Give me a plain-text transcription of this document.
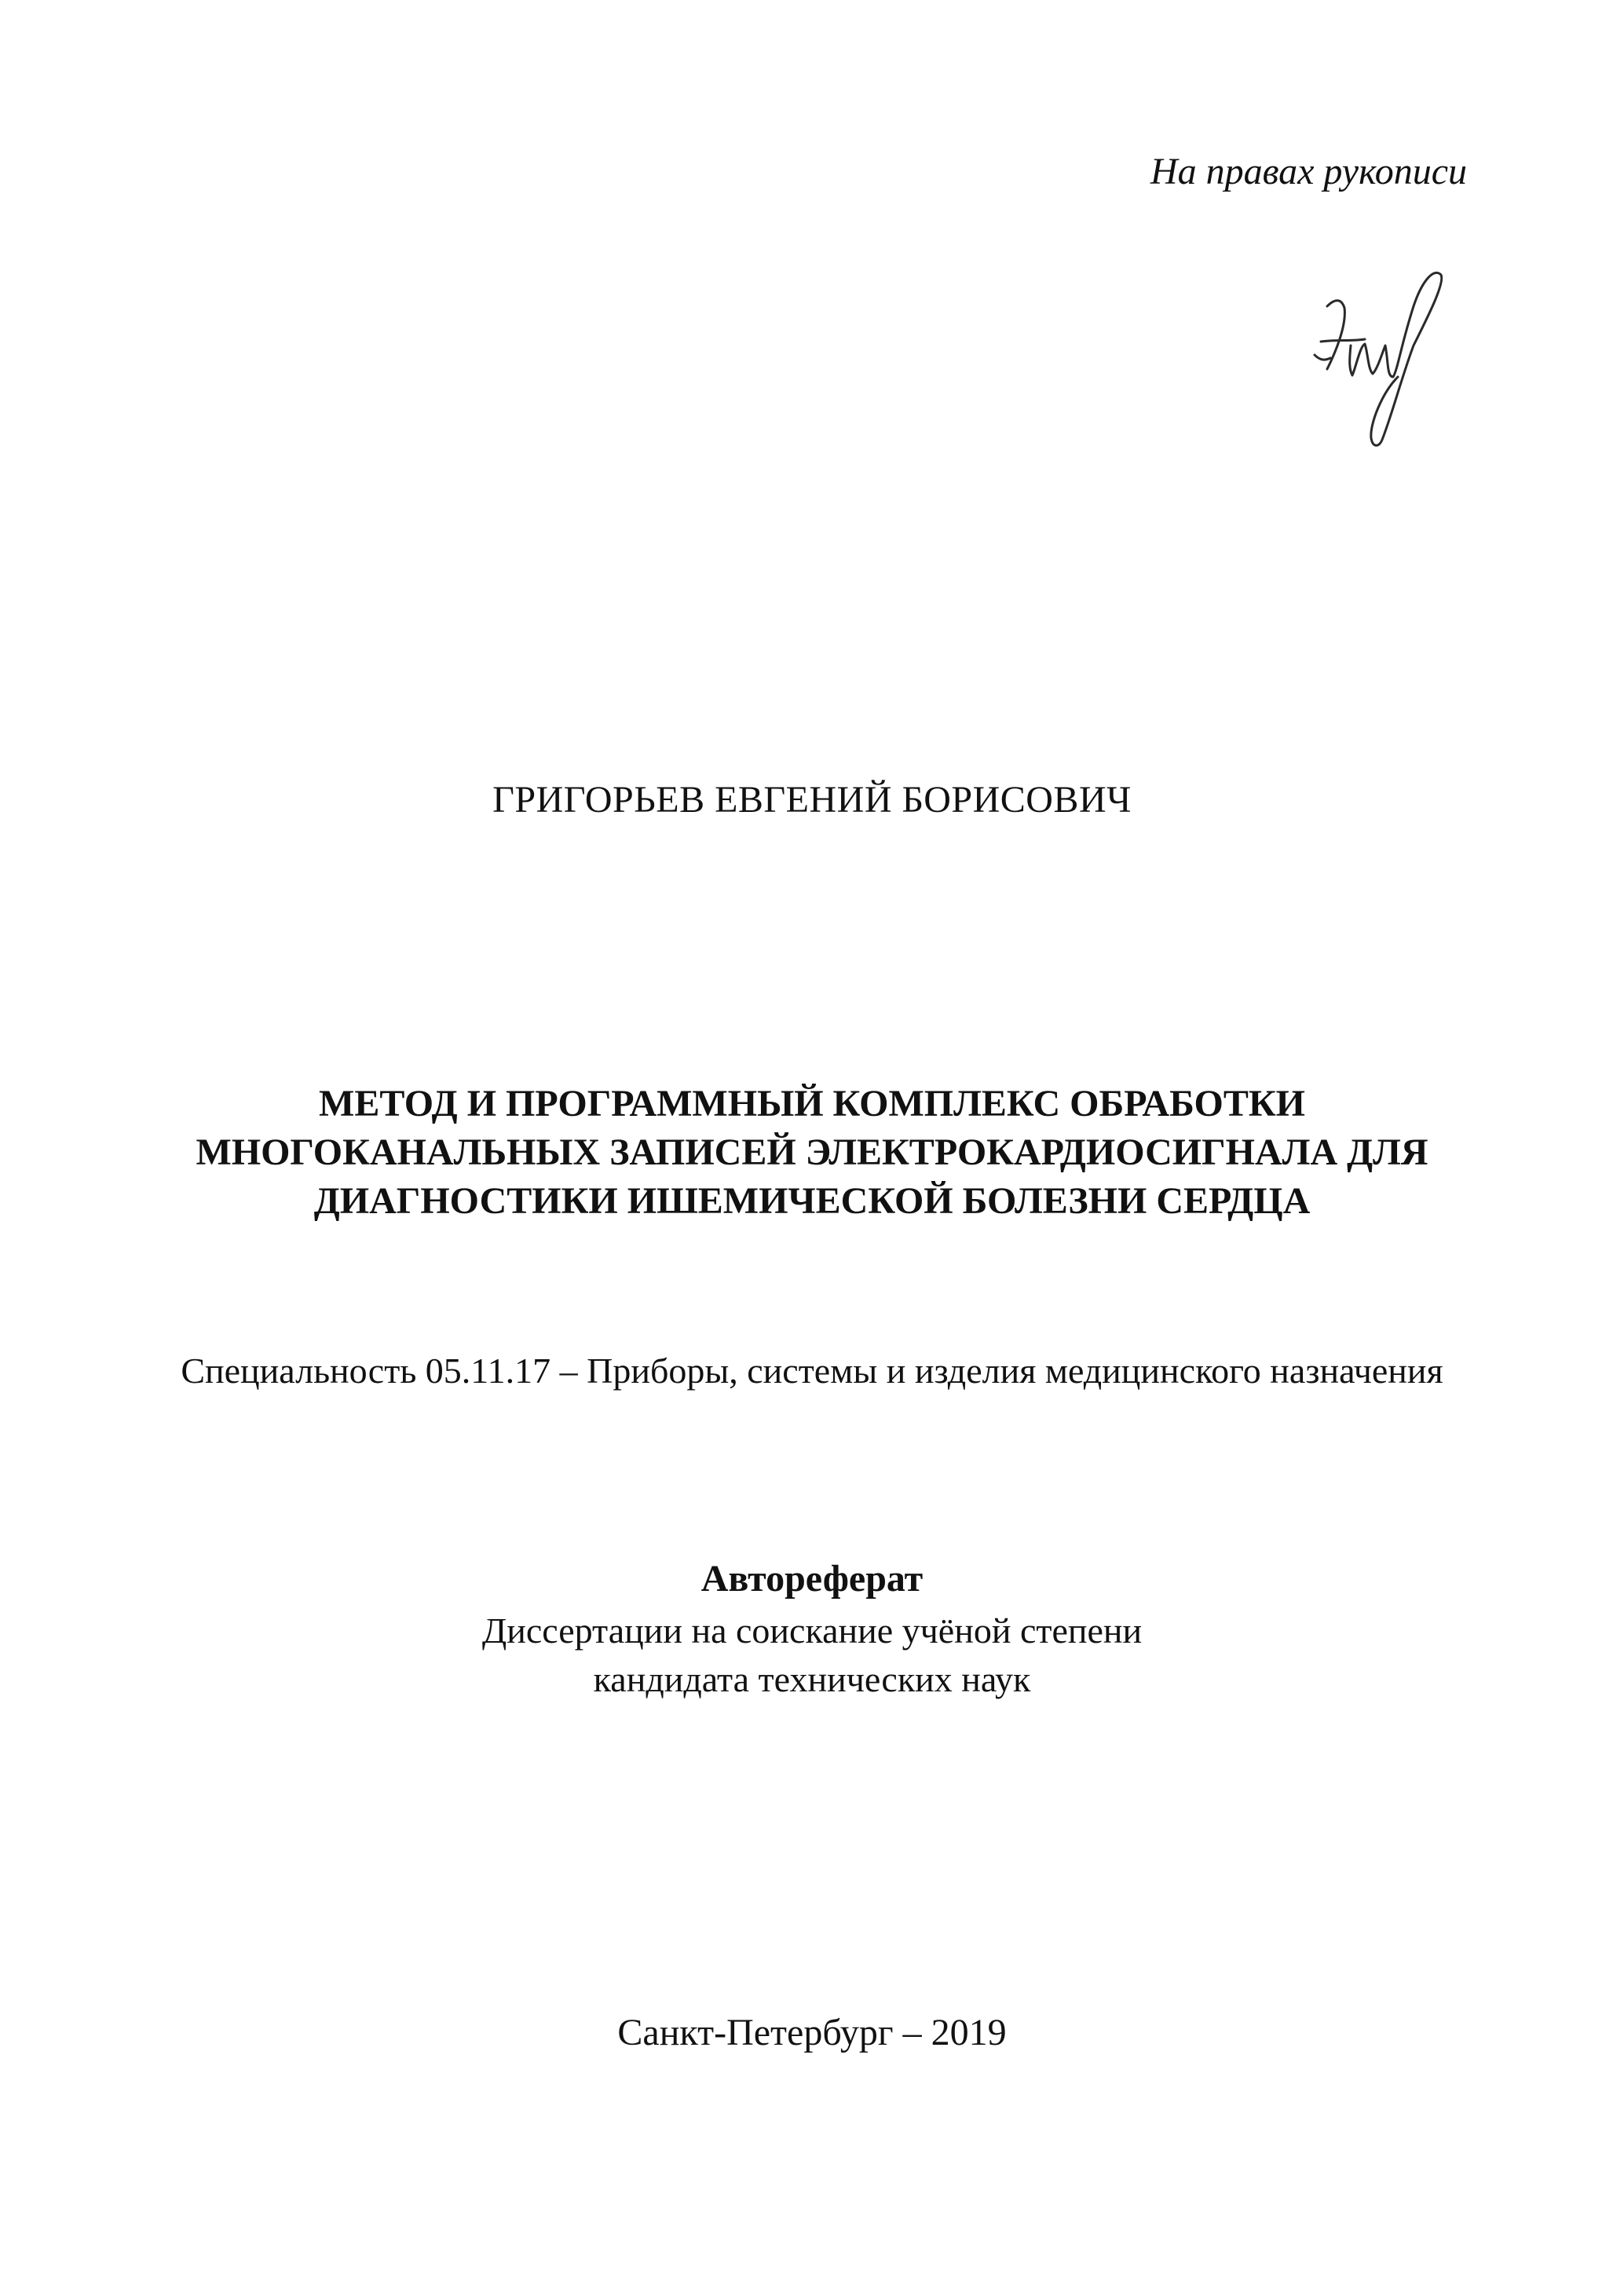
На правах рукописи
ГРИГОРЬЕВ ЕВГЕНИЙ БОРИСОВИЧ
МЕТОД И ПРОГРАММНЫЙ КОМПЛЕКС ОБРАБОТКИ
МНОГОКАНАЛЬНЫХ ЗАПИСЕЙ ЭЛЕКТРОКАРДИОСИГНАЛА ДЛЯ
ДИАГНОСТИКИ ИШЕМИЧЕСКОЙ БОЛЕЗНИ СЕРДЦА
Специальность 05.11.17 – Приборы, системы и изделия медицинского назначения
Автореферат
Диссертации на соискание учёной степени
кандидата технических наук
Санкт-Петербург – 2019
